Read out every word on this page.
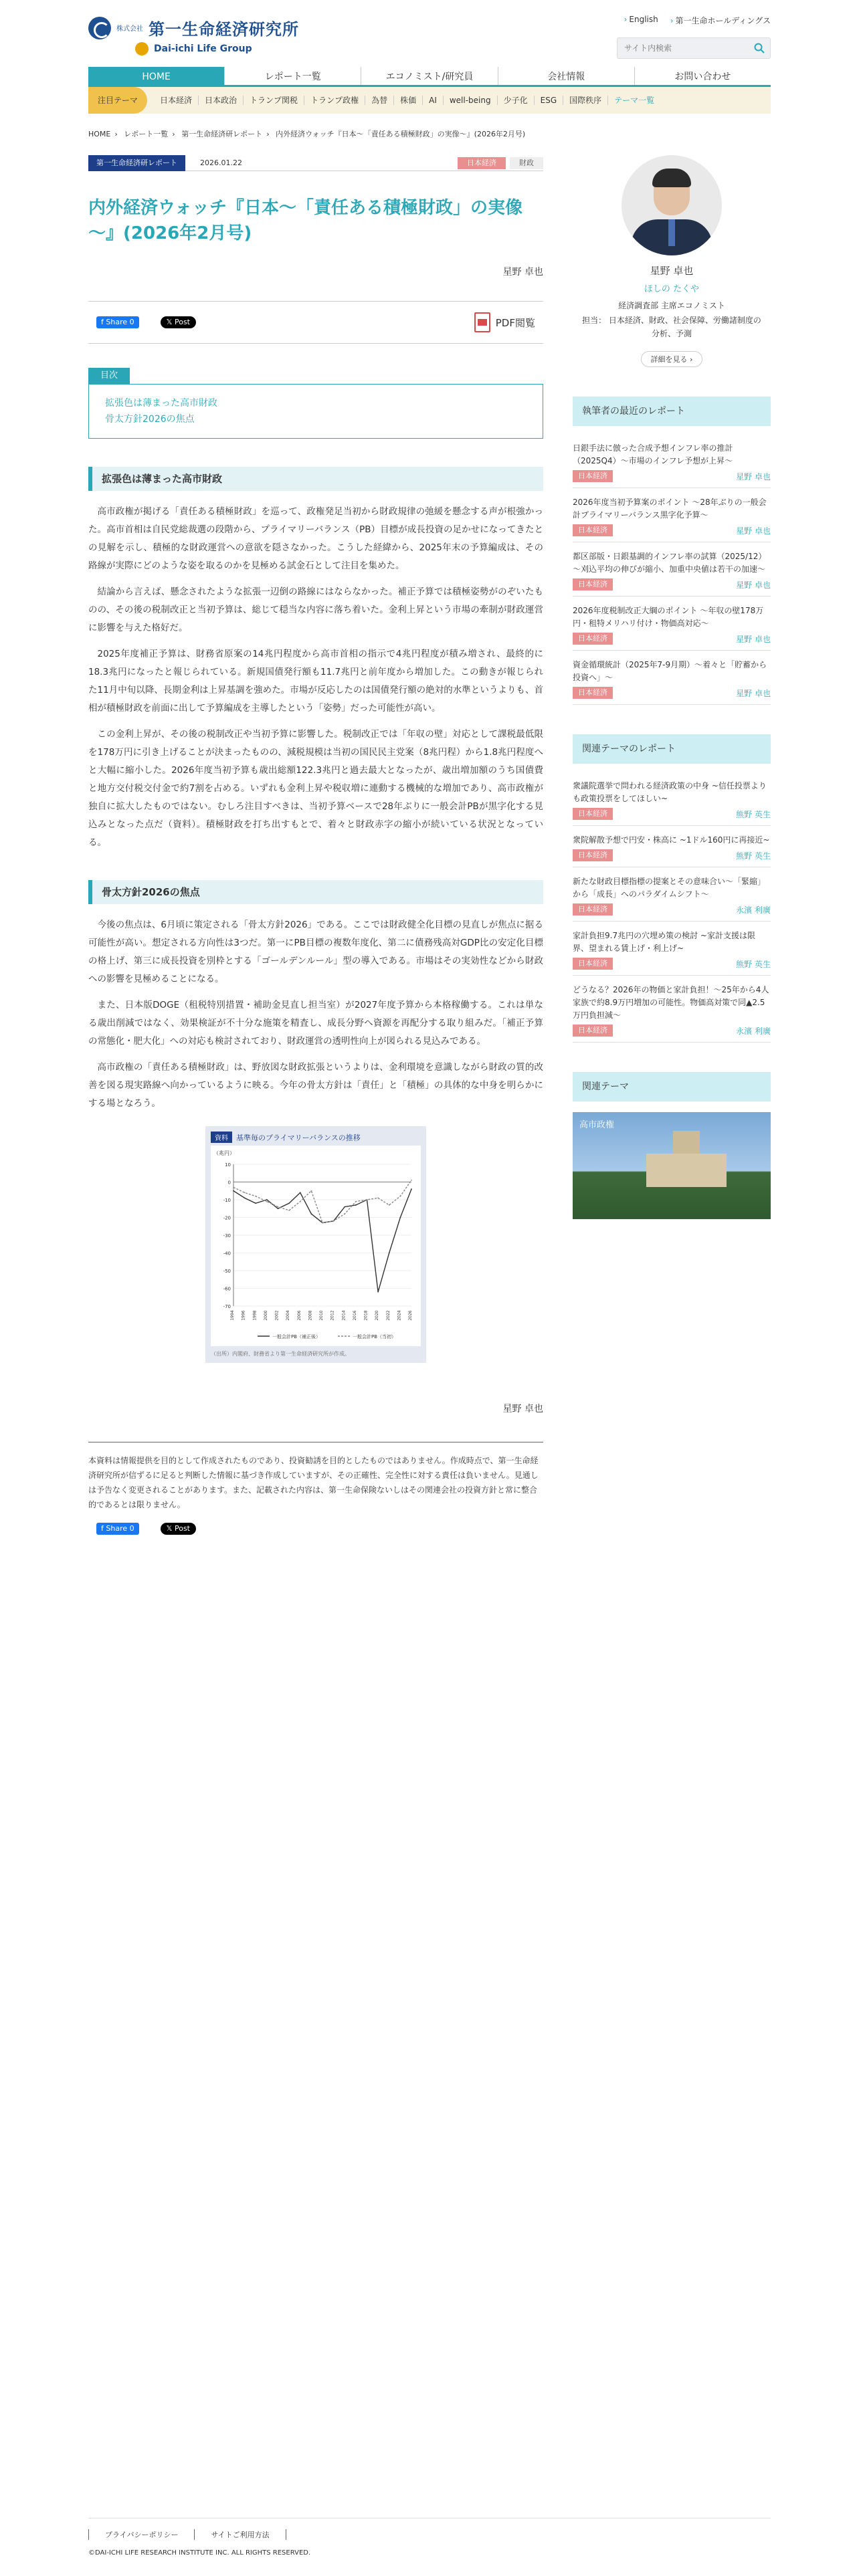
株式会社 第一生命経済研究所
Dai-ichi Life Group
› English › 第一生命ホールディングス
サイト内検索
HOME	レポート一覧	エコノミスト/研究員	会社情報	お問い合わせ
注目テーマ	日本経済	日本政治	トランプ関税	トランプ政権	為替	株価	AI	well-being	少子化	ESG	国際秩序	テーマ一覧
HOME › レポート一覧 › 第一生命経済研レポート › 内外経済ウォッチ『日本～「責任ある積極財政」の実像～』(2026年2月号)
第一生命経済研レポート	2026.01.22	日本経済	財政
内外経済ウォッチ『日本～「責任ある積極財政」の実像～』(2026年2月号)
星野 卓也
f Share 0	𝕏 Post	PDF閲覧
目次
拡張色は薄まった高市財政
骨太方針2026の焦点
拡張色は薄まった高市財政

高市政権が掲げる「責任ある積極財政」を巡って、政権発足当初から財政規律の弛緩を懸念する声が根強かった。高市首相は自民党総裁選の段階から、プライマリーバランス（PB）目標が成長投資の足かせになってきたとの見解を示し、積極的な財政運営への意欲を隠さなかった。こうした経緯から、2025年末の予算編成は、その路線が実際にどのような姿を取るのかを見極める試金石として注目を集めた。

結論から言えば、懸念されたような拡張一辺倒の路線にはならなかった。補正予算では積極姿勢がのぞいたものの、その後の税制改正と当初予算は、総じて穏当な内容に落ち着いた。金利上昇という市場の牽制が財政運営に影響を与えた格好だ。

2025年度補正予算は、財務省原案の14兆円程度から高市首相の指示で4兆円程度が積み増され、最終的に18.3兆円になったと報じられている。新規国債発行額も11.7兆円と前年度から増加した。この動きが報じられた11月中旬以降、長期金利は上昇基調を強めた。市場が反応したのは国債発行額の絶対的水準というよりも、首相が積極財政を前面に出して予算編成を主導したという「姿勢」だった可能性が高い。

この金利上昇が、その後の税制改正や当初予算に影響した。税制改正では「年収の壁」対応として課税最低限を178万円に引き上げることが決まったものの、減税規模は当初の国民民主党案（8兆円程）から1.8兆円程度へと大幅に縮小した。2026年度当初予算も歳出総額122.3兆円と過去最大となったが、歳出増加額のうち国債費と地方交付税交付金で約7割を占める。いずれも金利上昇や税収増に連動する機械的な増加であり、高市政権が独自に拡大したものではない。むしろ注目すべきは、当初予算ベースで28年ぶりに一般会計PBが黒字化する見込みとなった点だ（資料）。積極財政を打ち出すもとで、着々と財政赤字の縮小が続いている状況となっている。

骨太方針2026の焦点

今後の焦点は、6月頃に策定される「骨太方針2026」である。ここでは財政健全化目標の見直しが焦点に据る可能性が高い。想定される方向性は3つだ。第一にPB目標の複数年度化、第二に債務残高対GDP比の安定化目標の格上げ、第三に成長投資を別枠とする「ゴールデンルール」型の導入である。市場はその実効性などから財政への影響を見極めることになる。

また、日本版DOGE（租税特別措置・補助金見直し担当室）が2027年度予算から本格稼働する。これは単なる歳出削減ではなく、効果検証が不十分な施策を精査し、成長分野へ資源を再配分する取り組みだ。「補正予算の常態化・肥大化」への対応も検討されており、財政運営の透明性向上が図られる見込みである。

高市政権の「責任ある積極財政」は、野放図な財政拡張というよりは、金利環境を意識しながら財政の質的改善を図る現実路線へ向かっているように映る。今年の骨太方針は「責任」と「積極」の具体的な中身を明らかにする場となろう。

資料	基準毎のプライマリーバランスの推移
（兆円）
-70
-60
-50
-40
-30
-20
-10
0
10
1994 1996 1998 2000 2002 2004 2006 2008 2010 2012 2014 2016 2018 2020 2022 2024 2026
一般会計PB（補正後）	一般会計PB（当初）
（出所）内閣府、財務省より第一生命経済研究所が作成。
星野 卓也
本資料は情報提供を目的として作成されたものであり、投資勧誘を目的としたものではありません。作成時点で、第一生命経済研究所が信ずるに足ると判断した情報に基づき作成していますが、その正確性、完全性に対する責任は負いません。見通しは予告なく変更されることがあります。また、記載された内容は、第一生命保険ないしはその関連会社の投資方針と常に整合的であるとは限りません。
f Share 0	𝕏 Post
星野 卓也
ほしの たくや
経済調査部 主席エコノミスト
担当： 日本経済、財政、社会保障、労働諸制度の分析、予測
詳細を見る ›
執筆者の最近のレポート
日銀手法に倣った合成予想インフレ率の推計（2025Q4）～市場のインフレ予想が上昇～
日本経済	星野 卓也
2026年度当初予算案のポイント ～28年ぶりの一般会計プライマリーバランス黒字化予算～
日本経済	星野 卓也
都区部版・日銀基調的インフレ率の試算（2025/12）～刈込平均の伸びが縮小、加重中央値は若干の加速～
日本経済	星野 卓也
2026年度税制改正大綱のポイント ～年収の壁178万円・租特メリハリ付け・物価高対応～
日本経済	星野 卓也
資金循環統計（2025年7-9月期）～着々と「貯蓄から投資へ」～
日本経済	星野 卓也
関連テーマのレポート
衆議院選挙で問われる経済政策の中身 ~信任投票よりも政策投票をしてほしい~
日本経済	熊野 英生
衆院解散予想で円安・株高に ~1ドル160円に再接近~
日本経済	熊野 英生
新たな財政目標指標の提案とその意味合い～「緊縮」から「成長」へのパラダイムシフト～
日本経済	永濱 利廣
家計負担9.7兆円の穴埋め策の検討 ~家計支援は限界、望まれる賃上げ・利上げ~
日本経済	熊野 英生
どうなる？2026年の物価と家計負担！～25年から4人家族で約8.9万円増加の可能性。物価高対策で同▲2.5万円負担減～
日本経済	永濱 利廣
関連テーマ
高市政権
プライバシーポリシー	サイトご利用方法
©DAI-ICHI LIFE RESEARCH INSTITUTE INC. ALL RIGHTS RESERVED.
